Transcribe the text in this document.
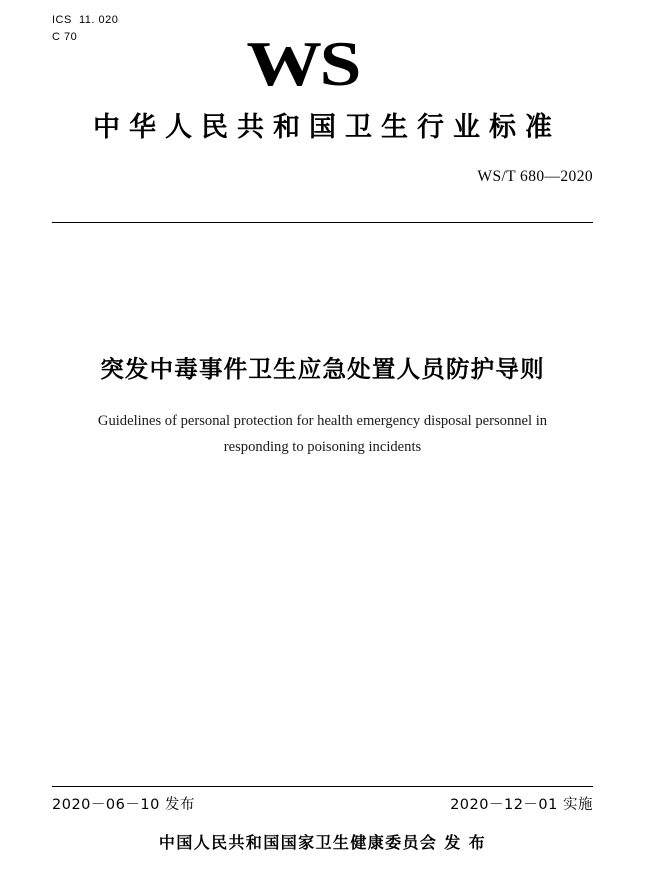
ICS  11. 020
C 70	WS
中华人民共和国卫生行业标准
WS/T 680—2020
突发中毒事件卫生应急处置人员防护导则
Guidelines of personal protection for health emergency disposal personnel in
responding to poisoning incidents
2020－06－10 发布	2020－12－01 实施
中国人民共和国国家卫生健康委员会 发 布
